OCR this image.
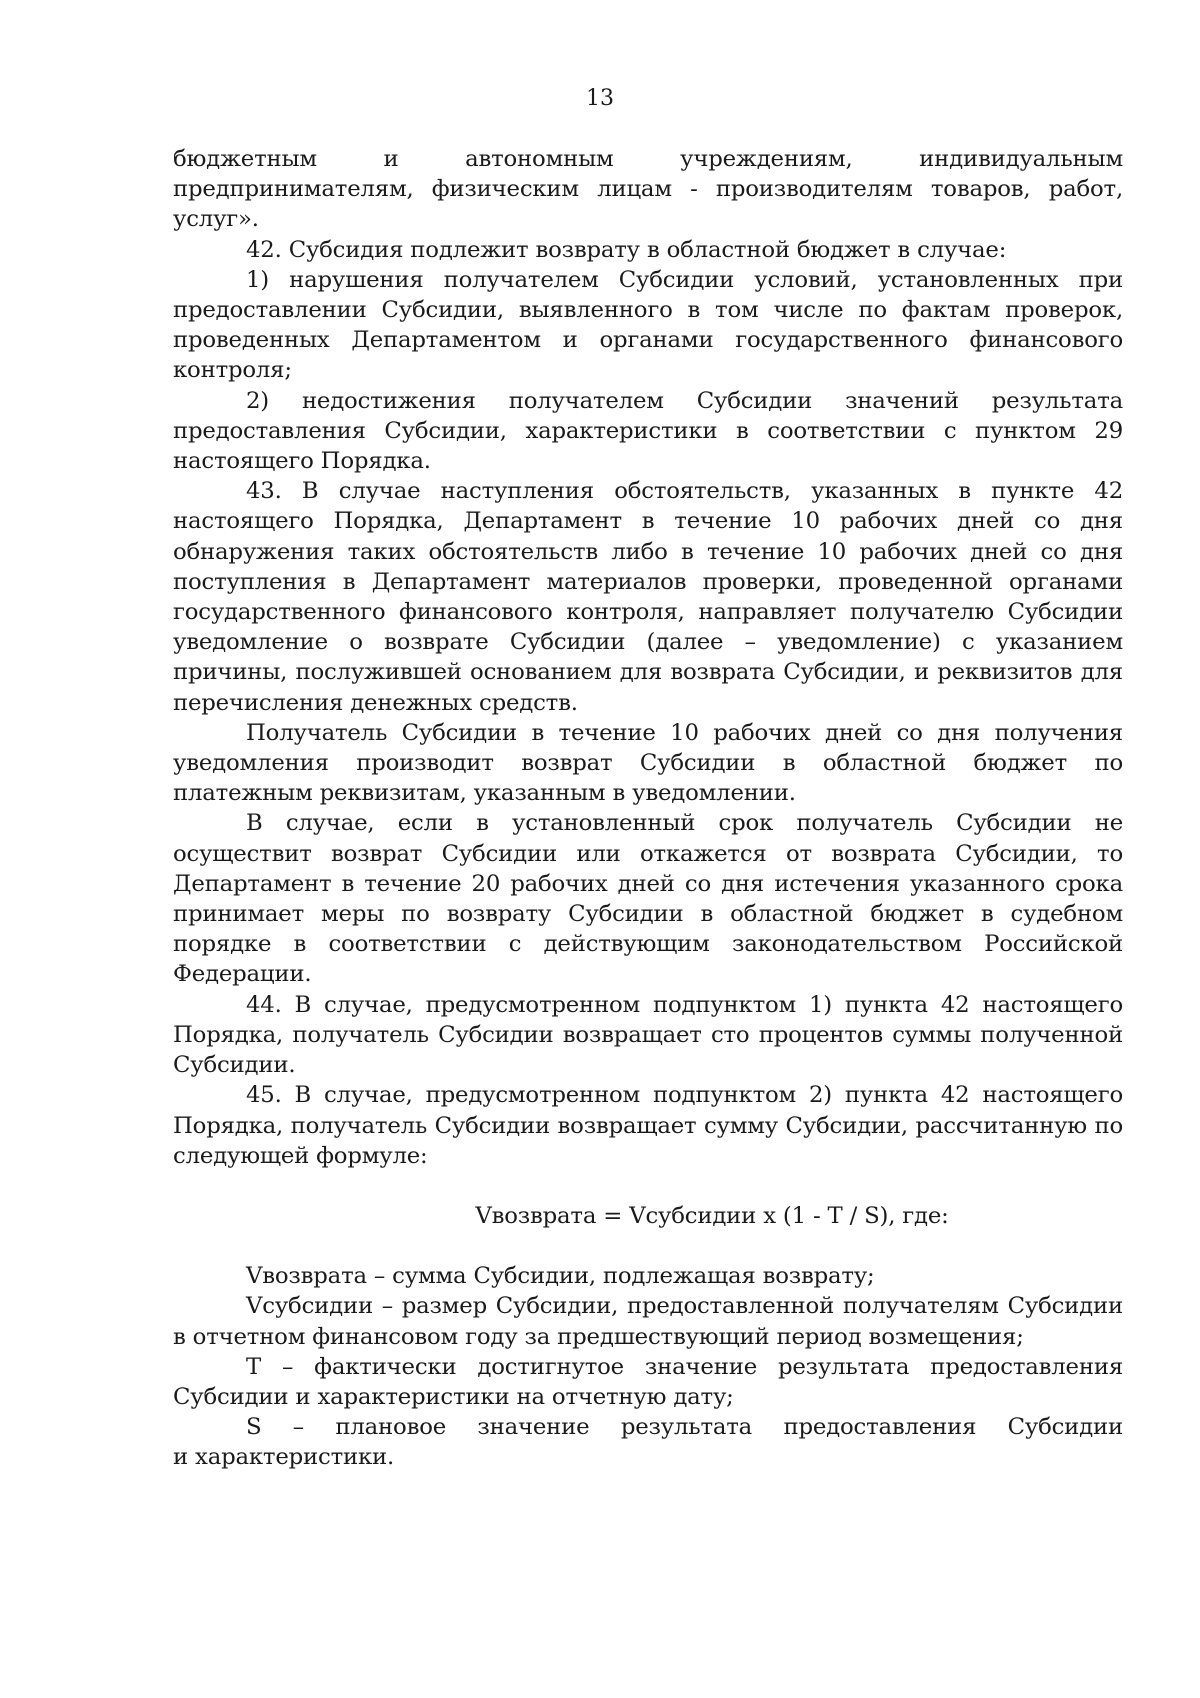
13

бюджетным и автономным учреждениям, индивидуальным предпринимателям, физическим лицам - производителям товаров, работ, услуг».

42. Субсидия подлежит возврату в областной бюджет в случае:

1) нарушения получателем Субсидии условий, установленных при предоставлении Субсидии, выявленного в том числе по фактам проверок, проведенных Департаментом и органами государственного финансового контроля;

2) недостижения получателем Субсидии значений результата предоставления Субсидии, характеристики в соответствии с пунктом 29 настоящего Порядка.

43. В случае наступления обстоятельств, указанных в пункте 42 настоящего Порядка, Департамент в течение 10 рабочих дней со дня обнаружения таких обстоятельств либо в течение 10 рабочих дней со дня поступления в Департамент материалов проверки, проведенной органами государственного финансового контроля, направляет получателю Субсидии уведомление о возврате Субсидии (далее – уведомление) с указанием причины, послужившей основанием для возврата Субсидии, и реквизитов для перечисления денежных средств.

Получатель Субсидии в течение 10 рабочих дней со дня получения уведомления производит возврат Субсидии в областной бюджет по платежным реквизитам, указанным в уведомлении.

В случае, если в установленный срок получатель Субсидии не осуществит возврат Субсидии или откажется от возврата Субсидии, то Департамент в течение 20 рабочих дней со дня истечения указанного срока принимает меры по возврату Субсидии в областной бюджет в судебном порядке в соответствии с действующим законодательством Российской Федерации.

44. В случае, предусмотренном подпунктом 1) пункта 42 настоящего Порядка, получатель Субсидии возвращает сто процентов суммы полученной Субсидии.

45. В случае, предусмотренном подпунктом 2) пункта 42 настоящего Порядка, получатель Субсидии возвращает сумму Субсидии, рассчитанную по следующей формуле:

Vвозврата = Vсубсидии x (1 - T / S), где:

Vвозврата – сумма Субсидии, подлежащая возврату;

Vсубсидии – размер Субсидии, предоставленной получателям Субсидии в отчетном финансовом году за предшествующий период возмещения;

T – фактически достигнутое значение результата предоставления Субсидии и характеристики на отчетную дату;

S – плановое значение результата предоставления Субсидии

и характеристики.
